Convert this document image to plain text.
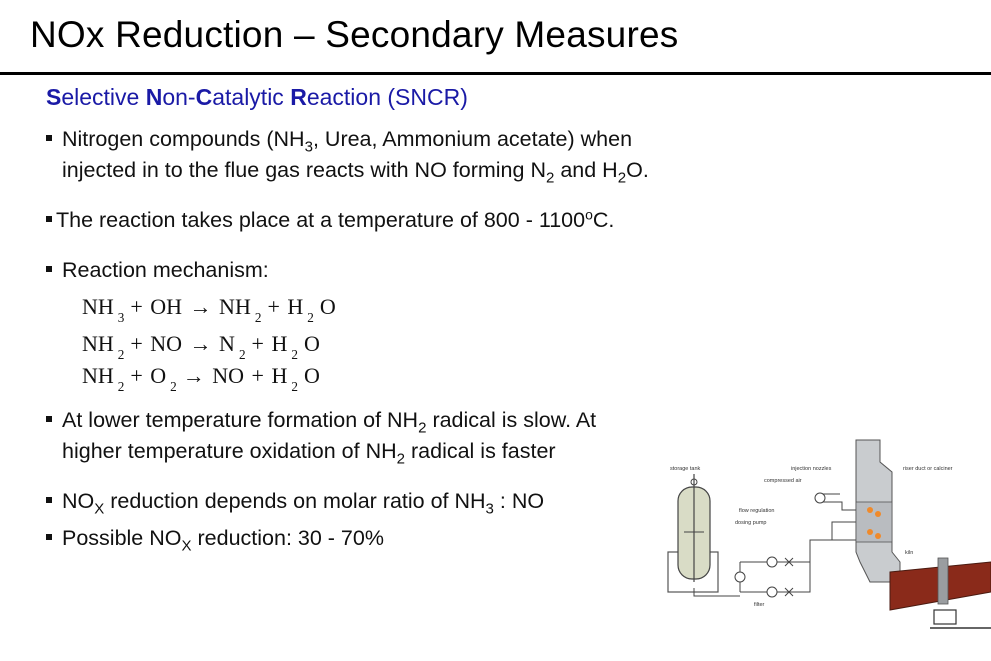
NOx Reduction – Secondary Measures
Selective Non-Catalytic Reaction (SNCR)
Nitrogen compounds ($NH_3$, Urea, Ammonium acetate) when
injected in to the flue gas reacts with NO forming $N_2$ and $H_2O$.
The reaction takes place at a temperature of 800 - 1100$^o$C.
Reaction mechanism:
NH $_3$ + OH → NH $_2$ + H $_2$ O
NH $_2$ + NO → N $_2$ + H $_2$ O
NH $_2$ + O $_2$ → NO + H $_2$ O
At lower temperature formation of $NH_2$ radical is slow. At
higher temperature oxidation of $NH_2$ radical is faster
$NO_X$ reduction depends on molar ratio of $NH_3$ : NO
Possible $NO_X$ reduction: 30 - 70%
storage tank	injection nozzles
compressed air
flow regulation
dosing pump
filter
riser duct or calciner
kiln
